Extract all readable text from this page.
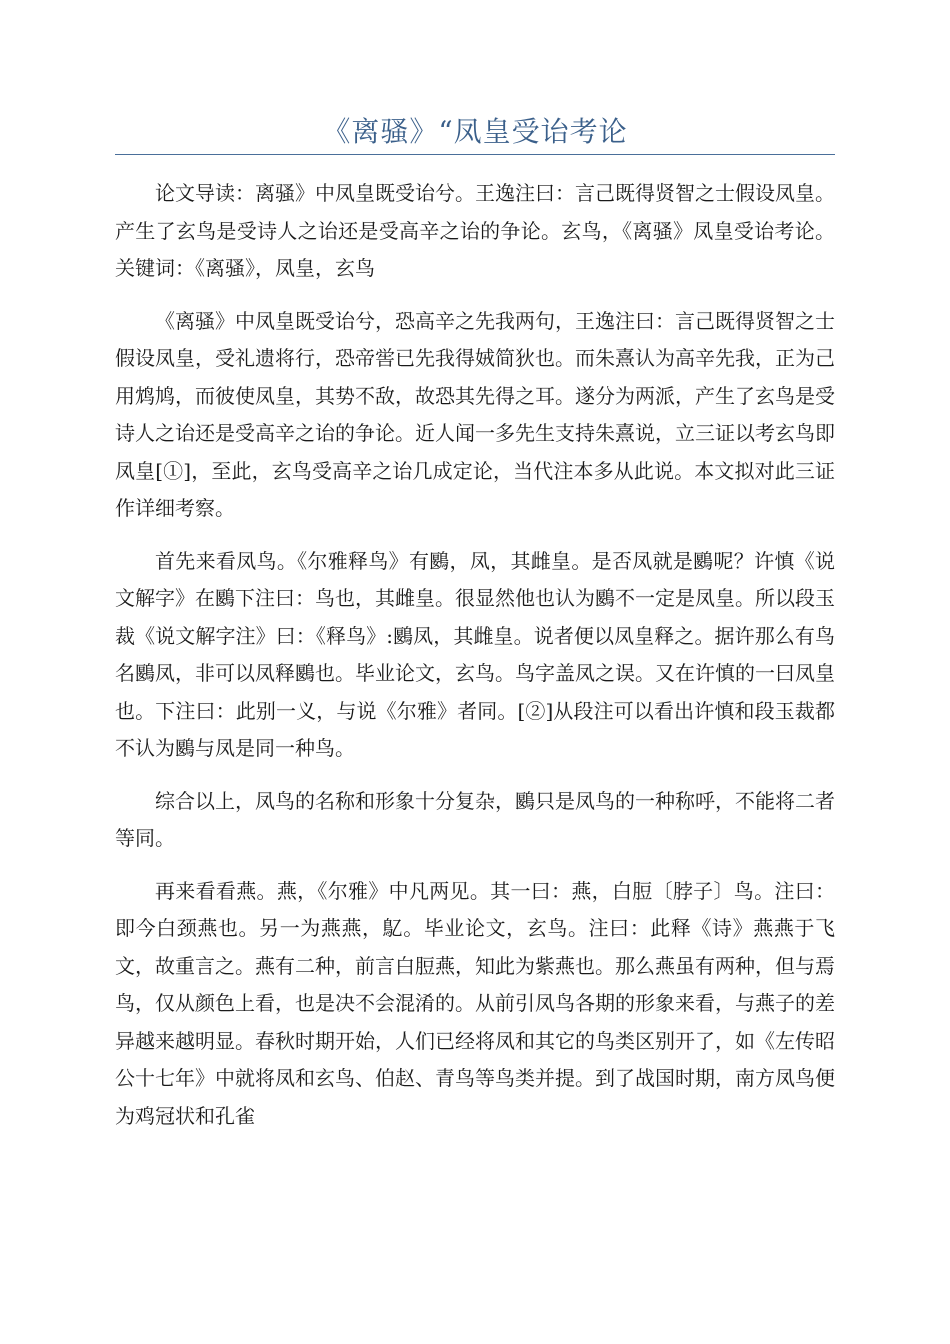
《离骚》“凤皇受诒考论

论文导读：离骚》中凤皇既受诒兮。王逸注曰：言己既得贤智之士假设凤皇。产生了玄鸟是受诗人之诒还是受高辛之诒的争论。玄鸟，《离骚》凤皇受诒考论。关键词：《离骚》，凤皇，玄鸟

《离骚》中凤皇既受诒兮，恐高辛之先我两句，王逸注曰：言己既得贤智之士假设凤皇，受礼遗将行，恐帝喾已先我得娀简狄也。而朱熹认为高辛先我，正为己用鸩鸠，而彼使凤皇，其势不敌，故恐其先得之耳。遂分为两派，产生了玄鸟是受诗人之诒还是受高辛之诒的争论。近人闻一多先生支持朱熹说，立三证以考玄鸟即凤皇[①]，至此，玄鸟受高辛之诒几成定论，当代注本多从此说。本文拟对此三证作详细考察。

首先来看凤鸟。《尔雅释鸟》有鶠，凤，其雌皇。是否凤就是鶠呢？许慎《说文解字》在鶠下注曰：鸟也，其雌皇。很显然他也认为鶠不一定是凤皇。所以段玉裁《说文解字注》曰：《释鸟》:鶠凤，其雌皇。说者便以凤皇释之。据许那么有鸟名鶠凤，非可以凤释鶠也。毕业论文，玄鸟。鸟字盖凤之误。又在许慎的一曰凤皇也。下注曰：此别一义，与说《尔雅》者同。[②]从段注可以看出许慎和段玉裁都不认为鶠与凤是同一种鸟。

综合以上，凤鸟的名称和形象十分复杂，鶠只是凤鸟的一种称呼，不能将二者等同。

再来看看燕。燕，《尔雅》中凡两见。其一曰：燕，白脰〔脖子〕鸟。注曰：即今白颈燕也。另一为燕燕，鳦。毕业论文，玄鸟。注曰：此释《诗》燕燕于飞文，故重言之。燕有二种，前言白脰燕，知此为紫燕也。那么燕虽有两种，但与焉鸟，仅从颜色上看，也是决不会混淆的。从前引凤鸟各期的形象来看，与燕子的差异越来越明显。春秋时期开始，人们已经将凤和其它的鸟类区别开了，如《左传昭公十七年》中就将凤和玄鸟、伯赵、青鸟等鸟类并提。到了战国时期，南方凤鸟便为鸡冠状和孔雀
